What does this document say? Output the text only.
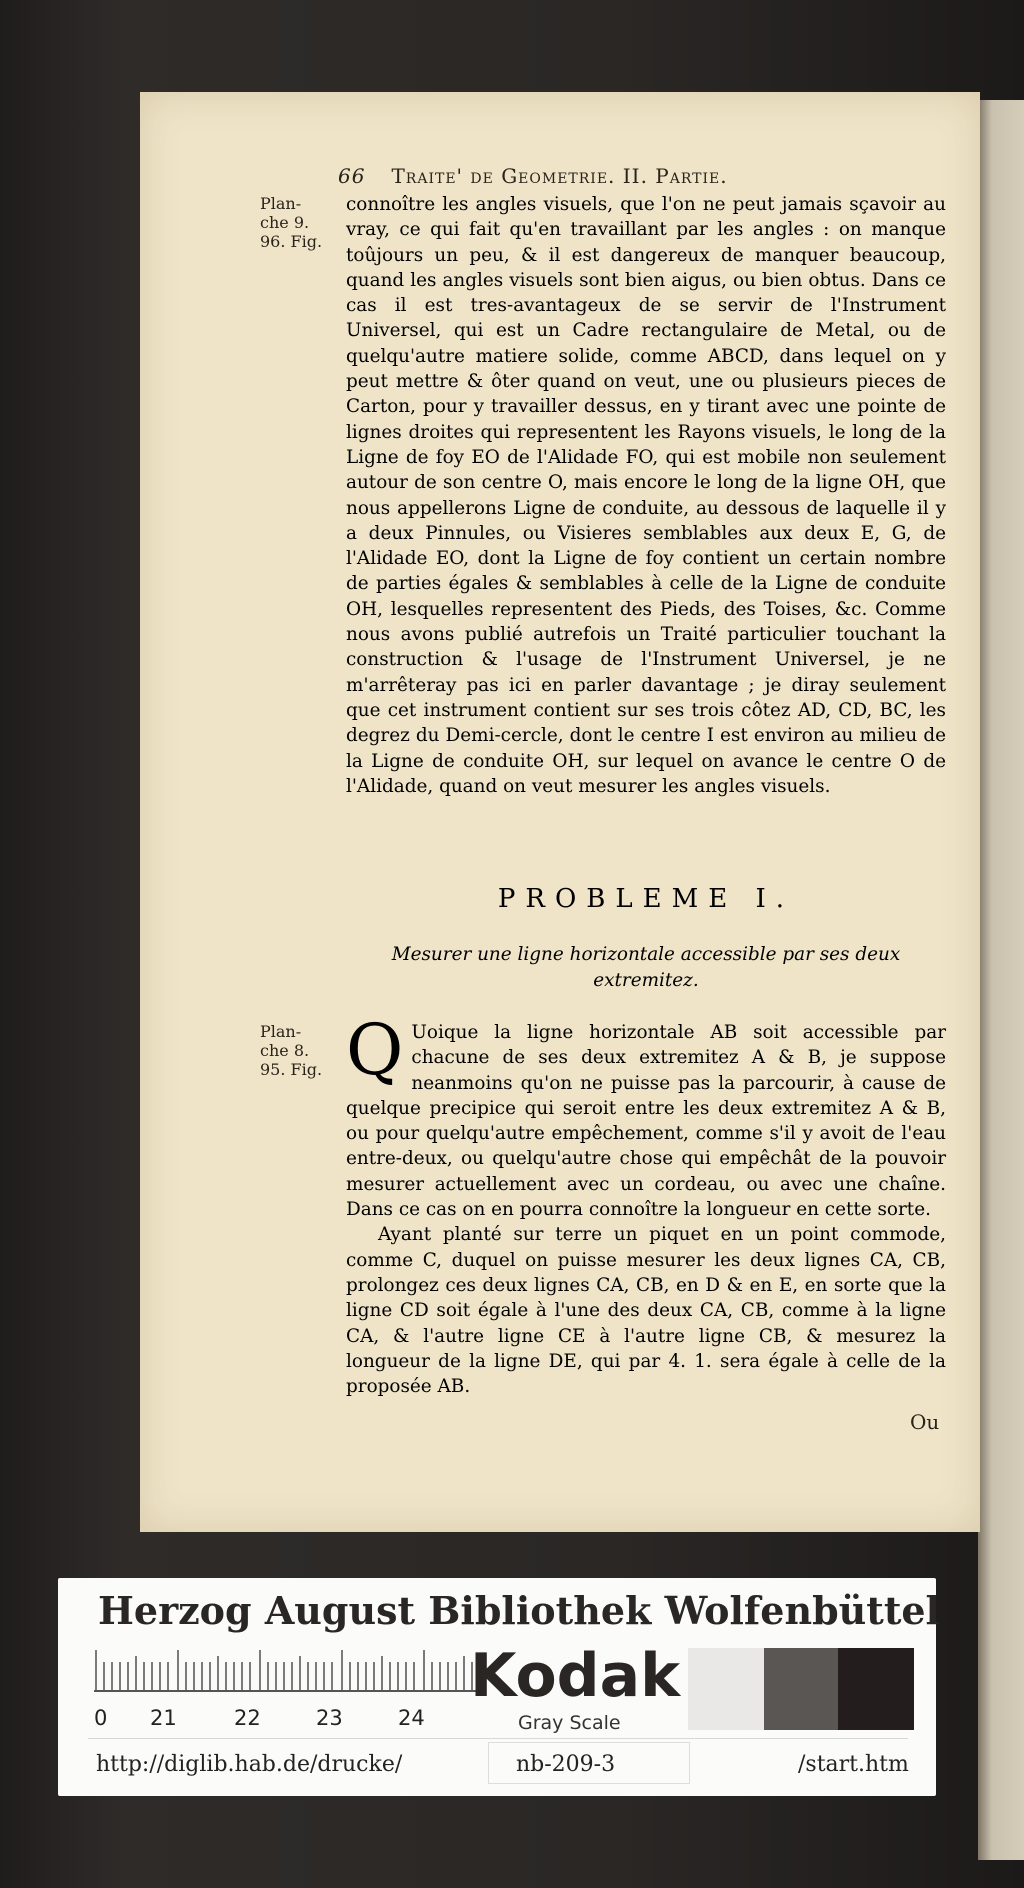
66 Traite' de Geometrie. II. Partie.
Plan-
che 9.
96. Fig.
Plan-
che 8.
95. Fig.
connoître les angles visuels, que l'on ne peut jamais sçavoir au vray, ce qui fait qu'en travaillant par les angles : on manque toûjours un peu, & il est dangereux de manquer beaucoup, quand les angles visuels sont bien aigus, ou bien obtus. Dans ce cas il est tres-avantageux de se servir de l'Instrument Universel, qui est un Cadre rectangulaire de Metal, ou de quelqu'autre matiere solide, comme ABCD, dans lequel on y peut mettre & ôter quand on veut, une ou plusieurs pieces de Carton, pour y travailler dessus, en y tirant avec une pointe de lignes droites qui representent les Rayons visuels, le long de la Ligne de foy EO de l'Alidade FO, qui est mobile non seulement autour de son centre O, mais encore le long de la ligne OH, que nous appellerons Ligne de conduite, au dessous de laquelle il y a deux Pinnules, ou Visieres semblables aux deux E, G, de l'Alidade EO, dont la Ligne de foy contient un certain nombre de parties égales & semblables à celle de la Ligne de conduite OH, lesquelles representent des Pieds, des Toises, &c. Comme nous avons publié autrefois un Traité particulier touchant la construction & l'usage de l'Instrument Universel, je ne m'arrêteray pas ici en parler davantage ; je diray seulement que cet instrument contient sur ses trois côtez AD, CD, BC, les degrez du Demi-cercle, dont le centre I est environ au milieu de la Ligne de conduite OH, sur lequel on avance le centre O de l'Alidade, quand on veut mesurer les angles visuels.
PROBLEME I.
Mesurer une ligne horizontale accessible par ses deux extremitez.
Q Uoique la ligne horizontale AB soit accessible par chacune de ses deux extremitez A & B, je suppose neanmoins qu'on ne puisse pas la parcourir, à cause de quelque precipice qui seroit entre les deux extremitez A & B, ou pour quelqu'autre empêchement, comme s'il y avoit de l'eau entre-deux, ou quelqu'autre chose qui empêchât de la pouvoir mesurer actuellement avec un cordeau, ou avec une chaîne. Dans ce cas on en pourra connoître la longueur en cette sorte.
Ayant planté sur terre un piquet en un point commode, comme C, duquel on puisse mesurer les deux lignes CA, CB, prolongez ces deux lignes CA, CB, en D & en E, en sorte que la ligne CD soit égale à l'une des deux CA, CB, comme à la ligne CA, & l'autre ligne CE à l'autre ligne CB, & mesurez la longueur de la ligne DE, qui par 4. 1. sera égale à celle de la proposée AB.
Ou
Herzog August Bibliothek Wolfenbüttel
0 21	22	23	24
Kodak
Gray Scale
http://diglib.hab.de/drucke/	nb-209-3	/start.htm
